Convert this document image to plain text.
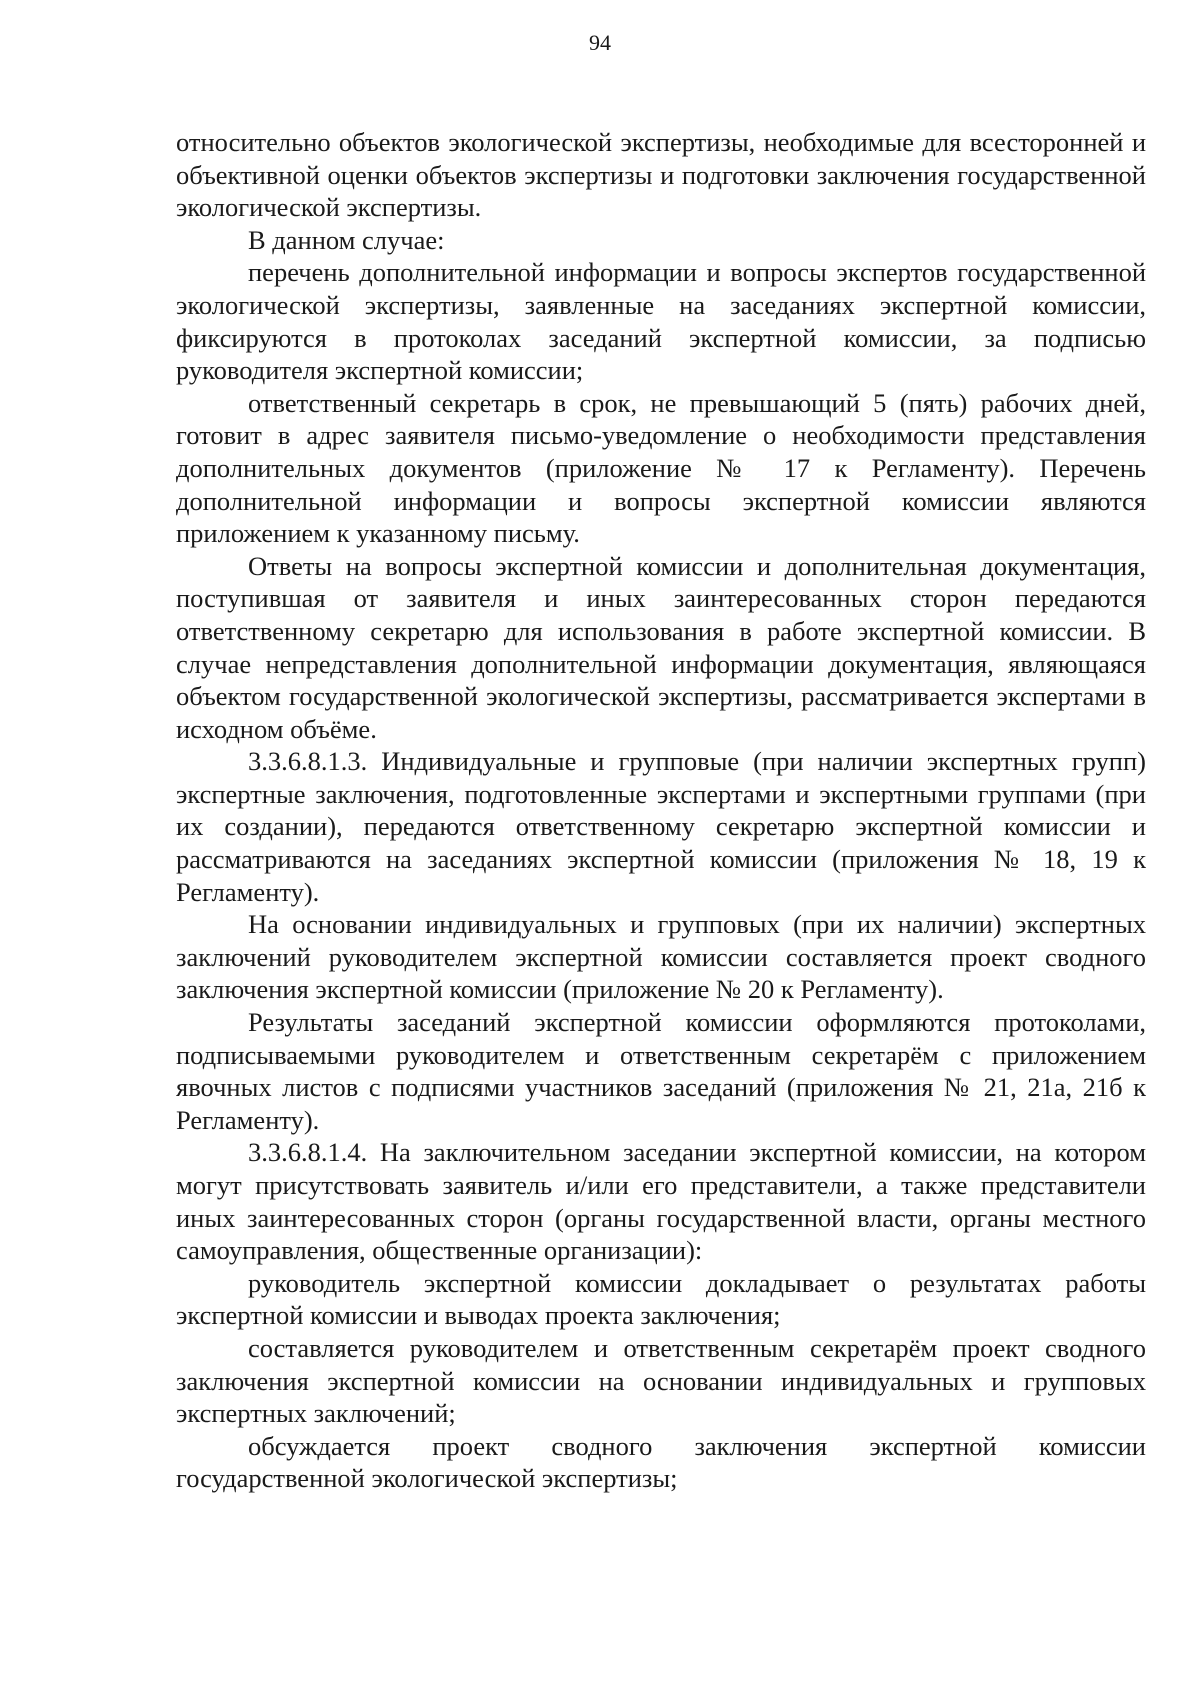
94

относительно объектов экологической экспертизы, необходимые для всесторонней и объективной оценки объектов экспертизы и подготовки заключения государственной экологической экспертизы.

В данном случае:

перечень дополнительной информации и вопросы экспертов государственной экологической экспертизы, заявленные на заседаниях экспертной комиссии, фиксируются в протоколах заседаний экспертной комиссии, за подписью руководителя экспертной комиссии;

ответственный секретарь в срок, не превышающий 5 (пять) рабочих дней, готовит в адрес заявителя письмо-уведомление о необходимости представления дополнительных документов (приложение № 17 к Регламенту). Перечень дополнительной информации и вопросы экспертной комиссии являются приложением к указанному письму.

Ответы на вопросы экспертной комиссии и дополнительная документация, поступившая от заявителя и иных заинтересованных сторон передаются ответственному секретарю для использования в работе экспертной комиссии. В случае непредставления дополнительной информации документация, являющаяся объектом государственной экологической экспертизы, рассматривается экспертами в исходном объёме.

3.3.6.8.1.3. Индивидуальные и групповые (при наличии экспертных групп) экспертные заключения, подготовленные экспертами и экспертными группами (при их создании), передаются ответственному секретарю экспертной комиссии и рассматриваются на заседаниях экспертной комиссии (приложения № 18, 19 к Регламенту).

На основании индивидуальных и групповых (при их наличии) экспертных заключений руководителем экспертной комиссии составляется проект сводного заключения экспертной комиссии (приложение № 20 к Регламенту).

Результаты заседаний экспертной комиссии оформляются протоколами, подписываемыми руководителем и ответственным секретарём с приложением явочных листов с подписями участников заседаний (приложения № 21, 21а, 21б к Регламенту).

3.3.6.8.1.4. На заключительном заседании экспертной комиссии, на котором могут присутствовать заявитель и/или его представители, а также представители иных заинтересованных сторон (органы государственной власти, органы местного самоуправления, общественные организации):

руководитель экспертной комиссии докладывает о результатах работы экспертной комиссии и выводах проекта заключения;

составляется руководителем и ответственным секретарём проект сводного заключения экспертной комиссии на основании индивидуальных и групповых экспертных заключений;

обсуждается проект сводного заключения экспертной комиссии государственной экологической экспертизы;
